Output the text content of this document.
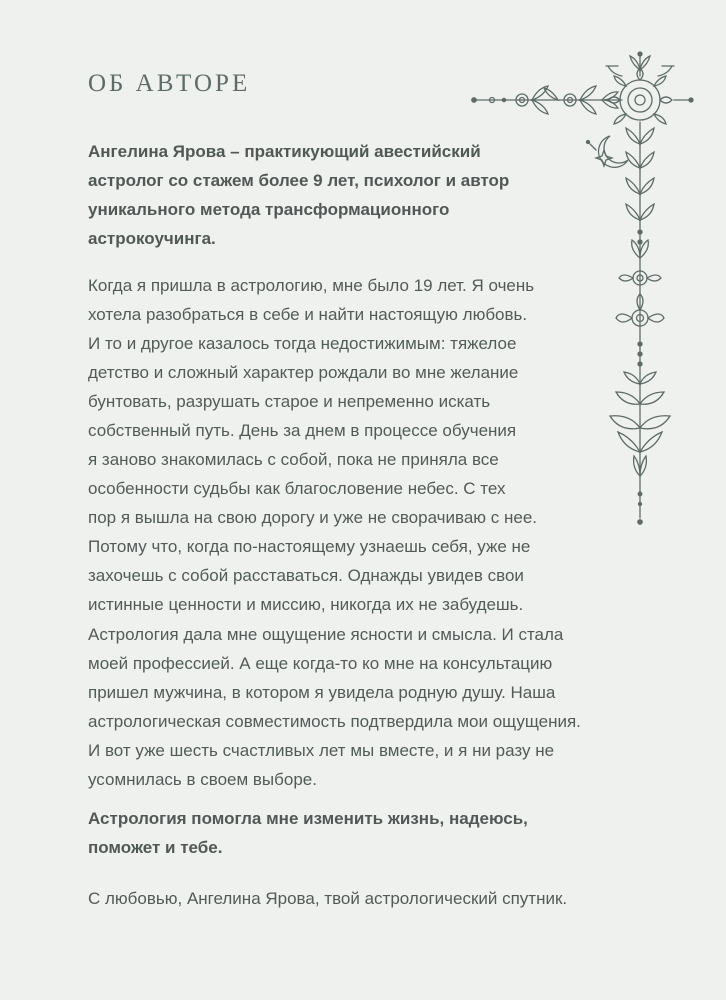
ОБ АВТОРЕ

Ангелина Ярова – практикующий авестийский
астролог со стажем более 9 лет, психолог и автор
уникального метода трансформационного
астрокоучинга.

Когда я пришла в астрологию, мне было 19 лет. Я очень
хотела разобраться в себе и найти настоящую любовь.
И то и другое казалось тогда недостижимым: тяжелое
детство и сложный характер рождали во мне желание
бунтовать, разрушать старое и непременно искать
собственный путь. День за днем в процессе обучения
я заново знакомилась с собой, пока не приняла все
особенности судьбы как благословение небес. С тех
пор я вышла на свою дорогу и уже не сворачиваю с нее.
Потому что, когда по-настоящему узнаешь себя, уже не
захочешь с собой расставаться. Однажды увидев свои
истинные ценности и миссию, никогда их не забудешь.

Астрология дала мне ощущение ясности и смысла. И стала
моей профессией. А еще когда-то ко мне на консультацию
пришел мужчина, в котором я увидела родную душу. Наша
астрологическая совместимость подтвердила мои ощущения.
И вот уже шесть счастливых лет мы вместе, и я ни разу не
усомнилась в своем выборе.

Астрология помогла мне изменить жизнь, надеюсь,
поможет и тебе.

С любовью, Ангелина Ярова, твой астрологический спутник.
